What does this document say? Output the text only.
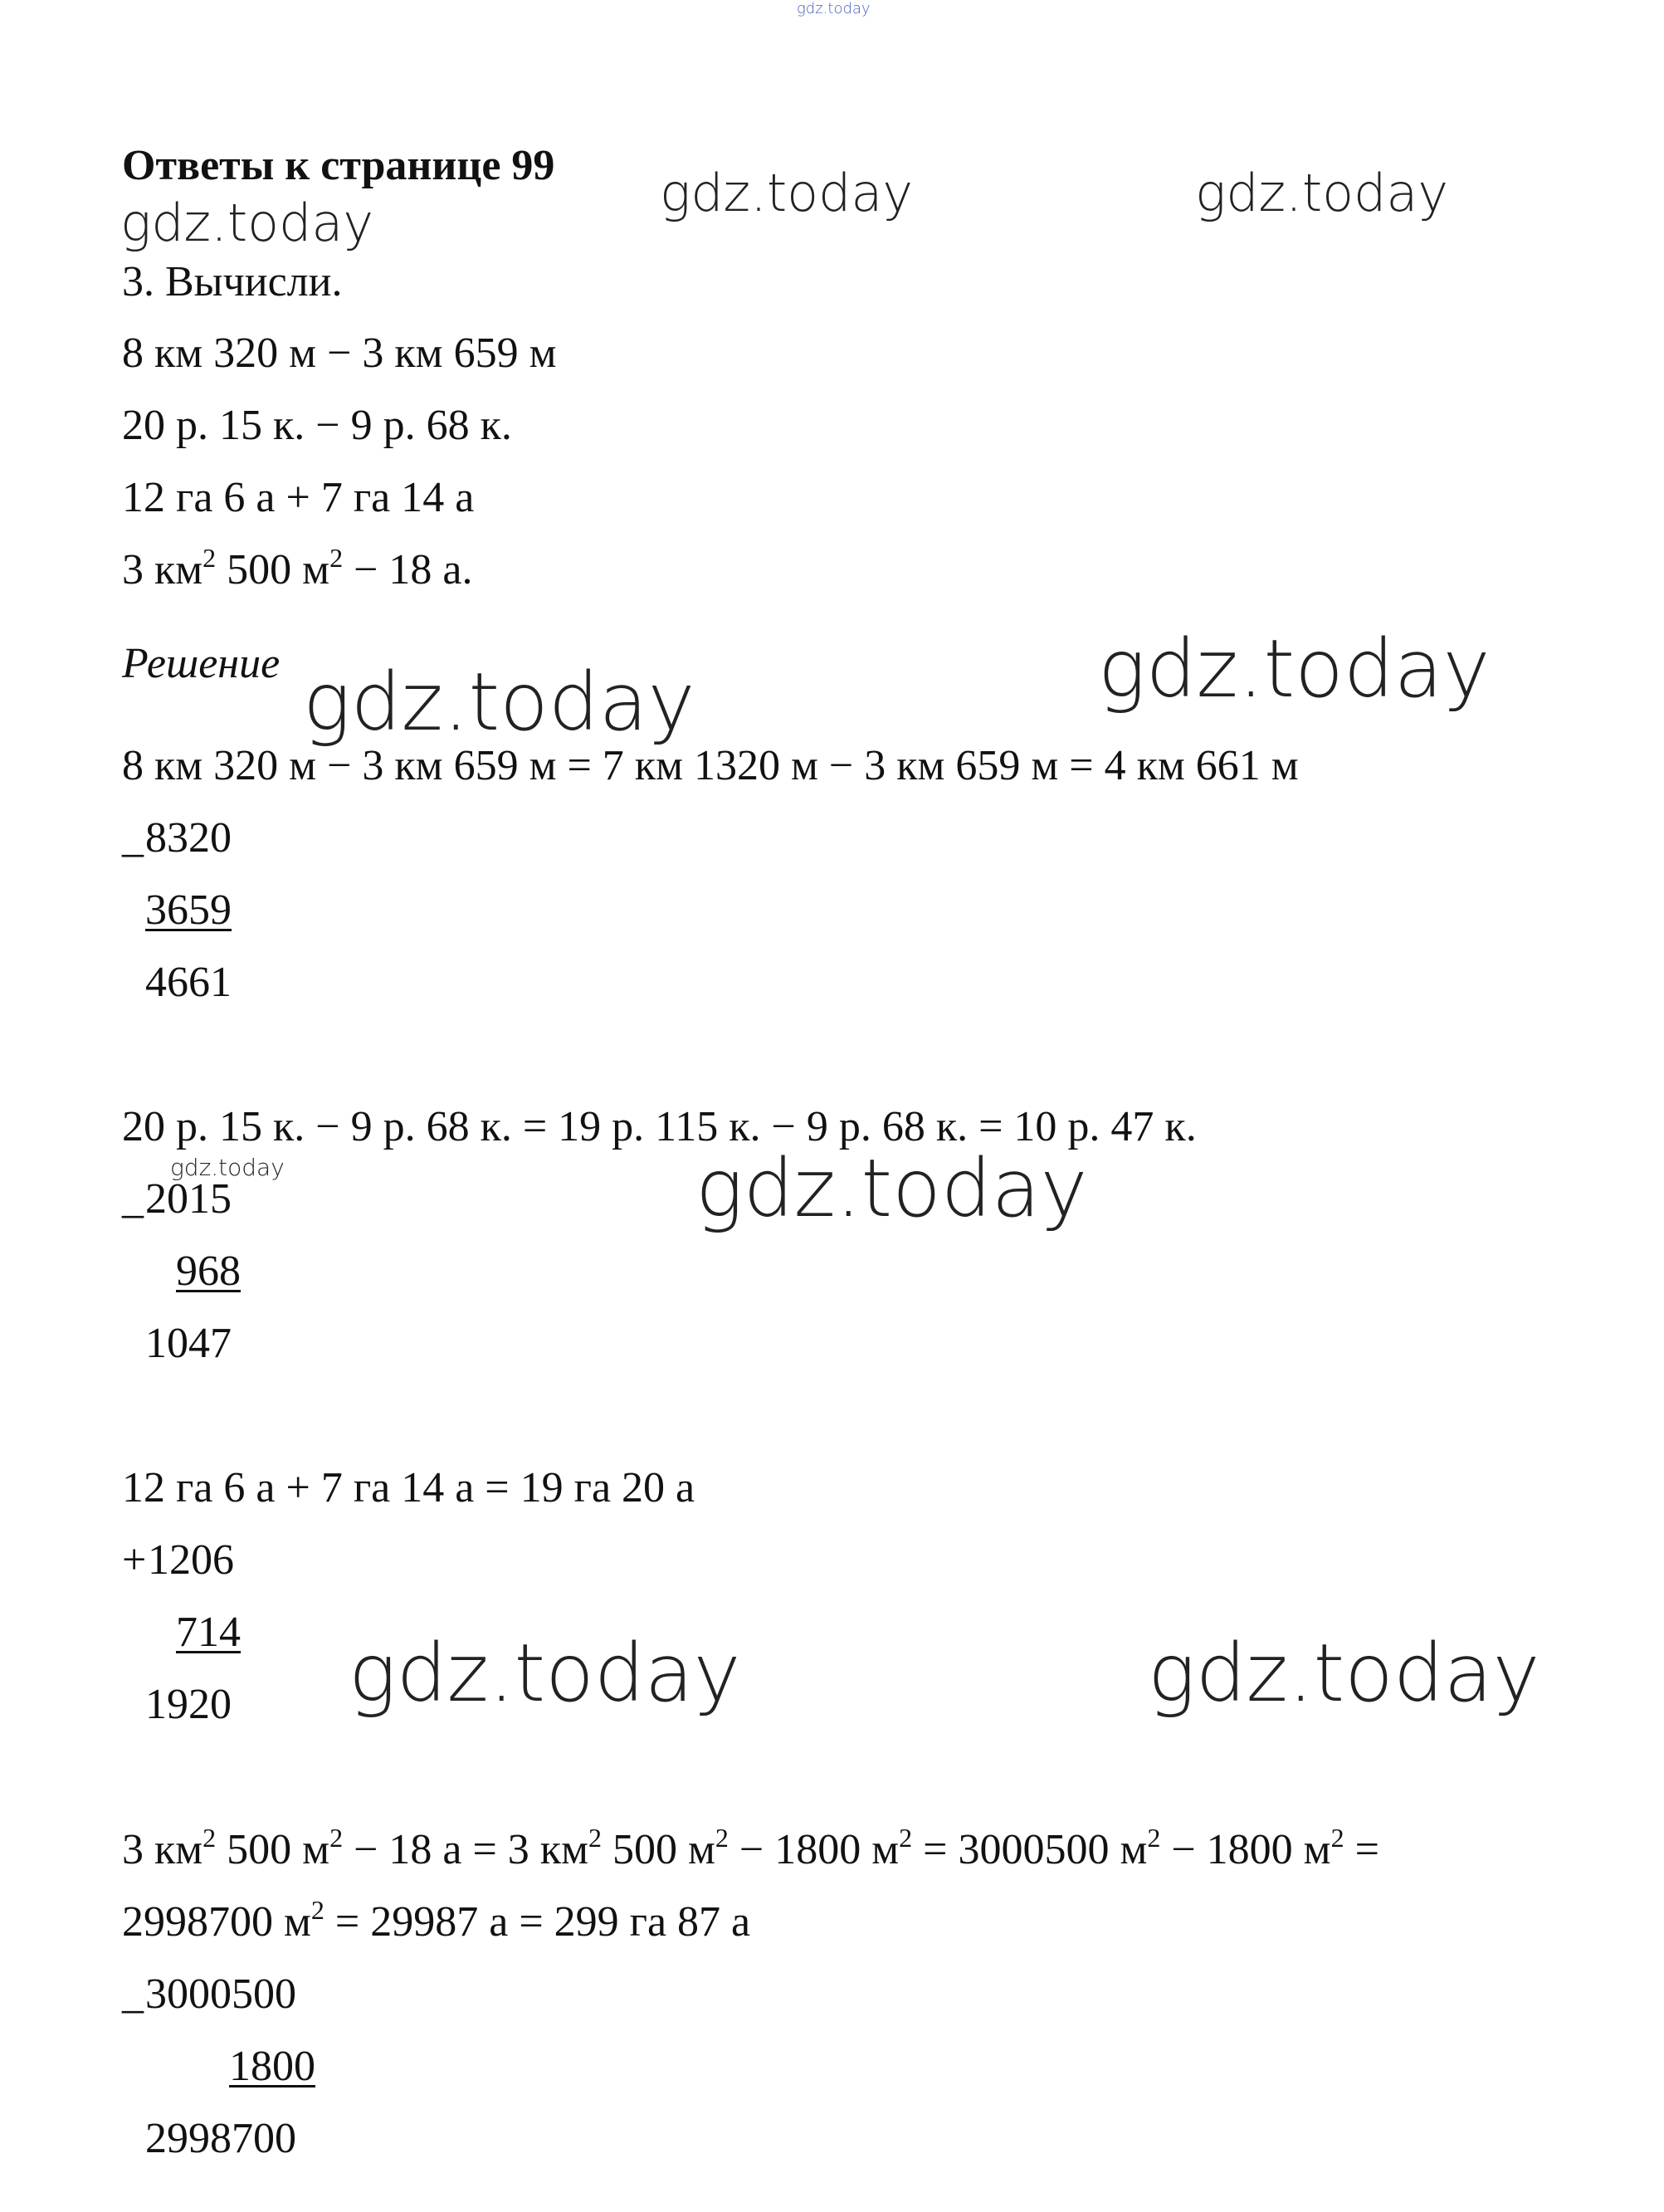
gdz.today
gdz.today	gdz.today	gdz.today
gdz.today	gdz.today
gdz.today	gdz.today
gdz.today	gdz.today
Ответы к странице 99
3. Вычисли.
8 км 320 м − 3 км 659 м
20 р. 15 к. − 9 р. 68 к.
12 га 6 а + 7 га 14 а
3 $км^2$ 500 $м^2 - 18$ а.
Решение
8 км 320 м − 3 км 659 м = 7 км 1320 м − 3 км 659 м = 4 км 661 м
_ 8320
3659
4661
20 р. 15 к. − 9 р. 68 к. = 19 р. 115 к. − 9 р. 68 к. = 10 р. 47 к.
_ 2015
968
1047
12 га 6 а + 7 га 14 а = 19 га 20 а
+ 1206
714
1920
3 $км^2$ 500 $м^2 - 18$ а = 3 $км^2$ 500 $м^2 - 1800$ $м^2 = 3000500$ $м^2 - 1800$ $м^2$ =
2998700 $м^2 = 29987$ а = 299 га 87 а
_ 3000500
1800
2998700
